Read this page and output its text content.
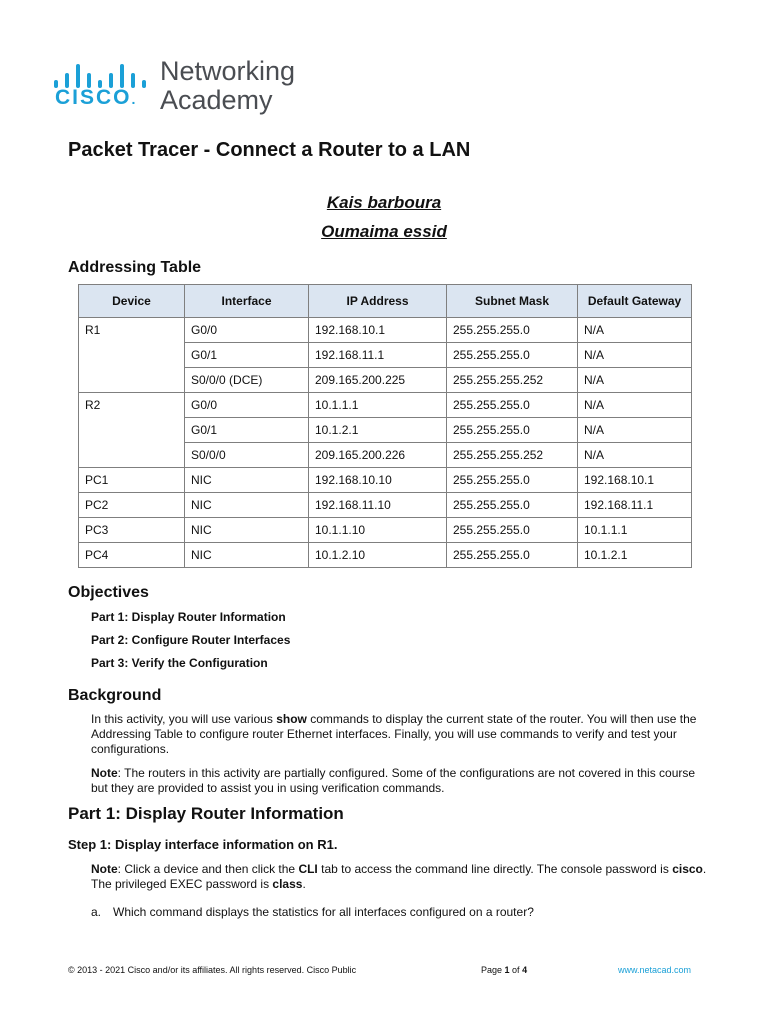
CISCO.
Networking
Academy
Packet Tracer - Connect a Router to a LAN
Kais barboura
Oumaima essid
Addressing Table
Device	Interface	IP Address	Subnet Mask	Default Gateway
R1	G0/0	192.168.10.1	255.255.255.0	N/A
	G0/1	192.168.11.1	255.255.255.0	N/A
	S0/0/0 (DCE)	209.165.200.225	255.255.255.252	N/A
R2	G0/0	10.1.1.1	255.255.255.0	N/A
	G0/1	10.1.2.1	255.255.255.0	N/A
	S0/0/0	209.165.200.226	255.255.255.252	N/A
PC1	NIC	192.168.10.10	255.255.255.0	192.168.10.1
PC2	NIC	192.168.11.10	255.255.255.0	192.168.11.1
PC3	NIC	10.1.1.10	255.255.255.0	10.1.1.1
PC4	NIC	10.1.2.10	255.255.255.0	10.1.2.1
Objectives
Part 1: Display Router Information
Part 2: Configure Router Interfaces
Part 3: Verify the Configuration
Background
In this activity, you will use various show commands to display the current state of the router. You will then use the Addressing Table to configure router Ethernet interfaces. Finally, you will use commands to verify and test your configurations.
Note: The routers in this activity are partially configured. Some of the configurations are not covered in this course but they are provided to assist you in using verification commands.
Part 1: Display Router Information
Step 1: Display interface information on R1.
Note: Click a device and then click the CLI tab to access the command line directly. The console password is cisco. The privileged EXEC password is class.
a. Which command displays the statistics for all interfaces configured on a router?
© 2013 - 2021 Cisco and/or its affiliates. All rights reserved. Cisco Public	Page 1 of 4	www.netacad.com
